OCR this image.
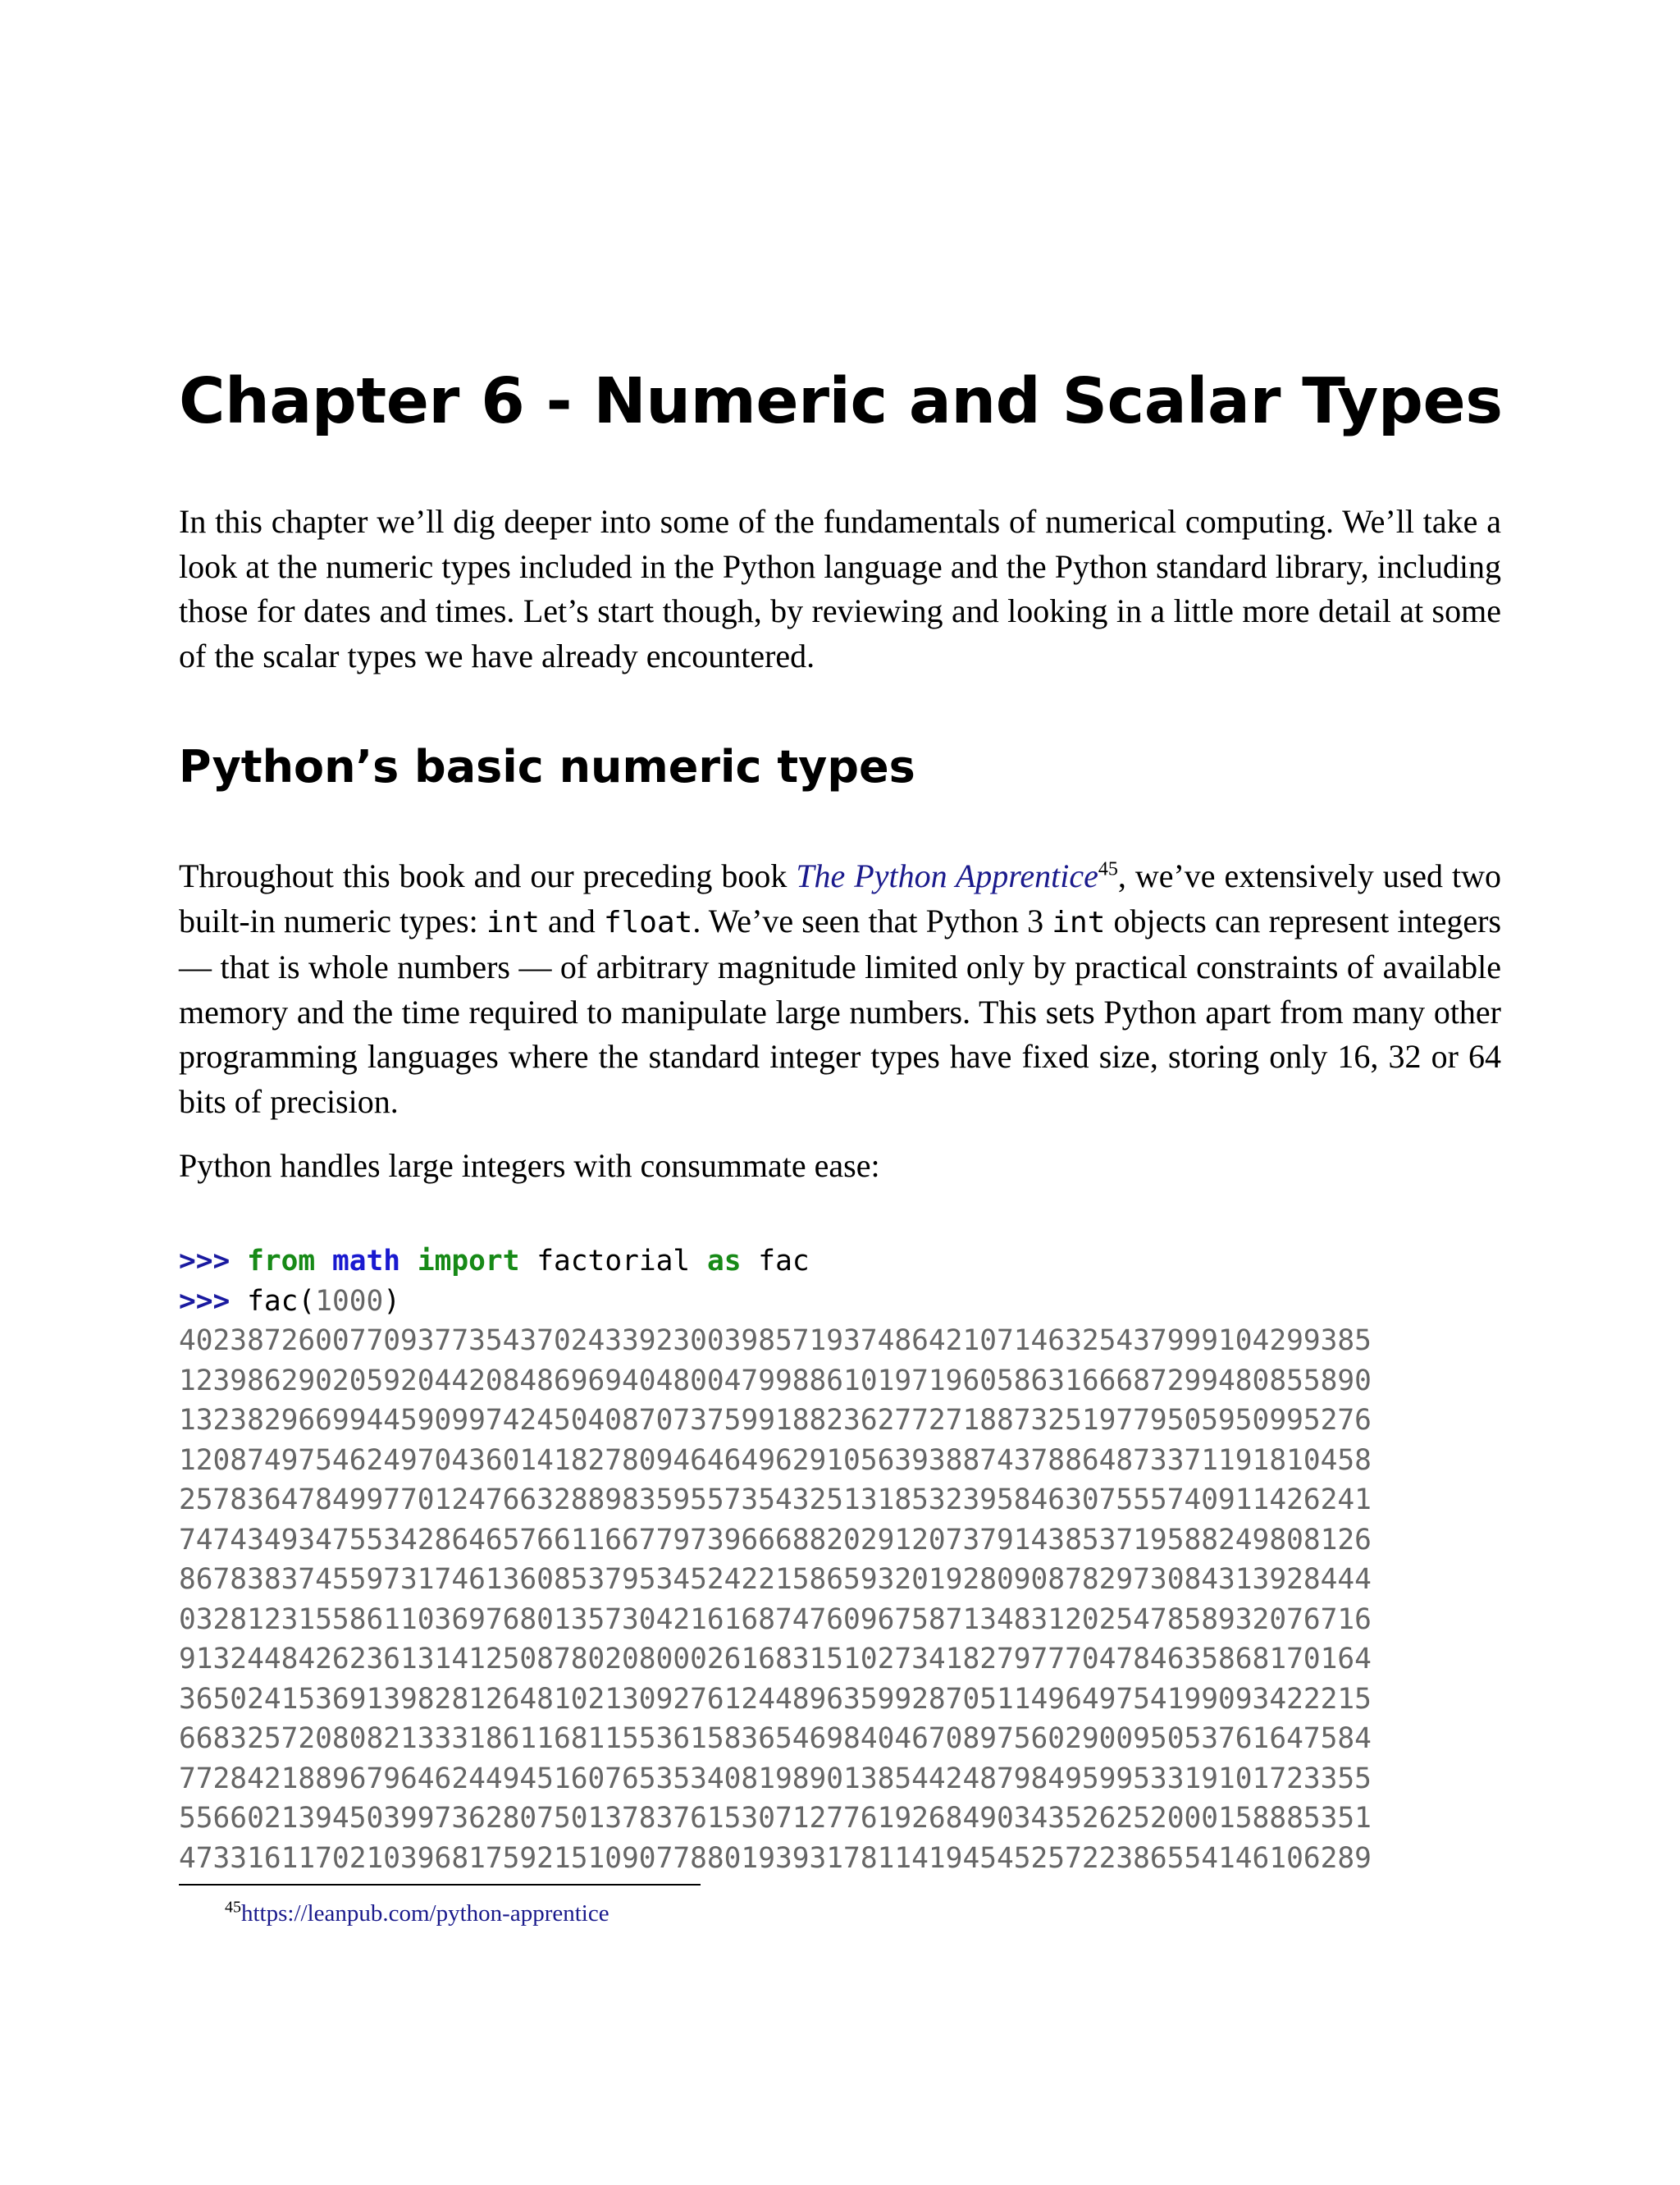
Chapter 6 - Numeric and Scalar Types

In this chapter we’ll dig deeper into some of the fundamentals of numerical computing. We’ll take a look at the numeric types included in the Python language and the Python standard library, including those for dates and times. Let’s start though, by reviewing and looking in a little more detail at some of the scalar types we have already encountered.

Python’s basic numeric types

Throughout this book and our preceding book The Python Apprentice$^{45}$, we’ve extensively used two built-in numeric types: int and float. We’ve seen that Python 3 int objects can represent integers — that is whole numbers — of arbitrary magnitude limited only by practical constraints of available memory and the time required to manipulate large numbers. This sets Python apart from many other programming languages where the standard integer types have fixed size, storing only 16, 32 or 64 bits of precision.

Python handles large integers with consummate ease:

>>> from math import factorial as fac
>>> fac(1000)
4023872600770937735437024339230039857193748642107146325437999104299385
1239862902059204420848696940480047998861019719605863166687299480855890
1323829669944590997424504087073759918823627727188732519779505950995276
1208749754624970436014182780946464962910563938874378864873371191810458
2578364784997701247663288983595573543251318532395846307555740911426241
7474349347553428646576611667797396668820291207379143853719588249808126
8678383745597317461360853795345242215865932019280908782973084313928444
0328123155861103697680135730421616874760967587134831202547858932076716
9132448426236131412508780208000261683151027341827977704784635868170164
3650241536913982812648102130927612448963599287051149649754199093422215
6683257208082133318611681155361583654698404670897560290095053761647584
7728421889679646244945160765353408198901385442487984959953319101723355
5566021394503997362807501378376153071277619268490343526252000158885351
4733161170210396817592151090778801939317811419454525722386554146106289
$^{45}$https://leanpub.com/python-apprentice
